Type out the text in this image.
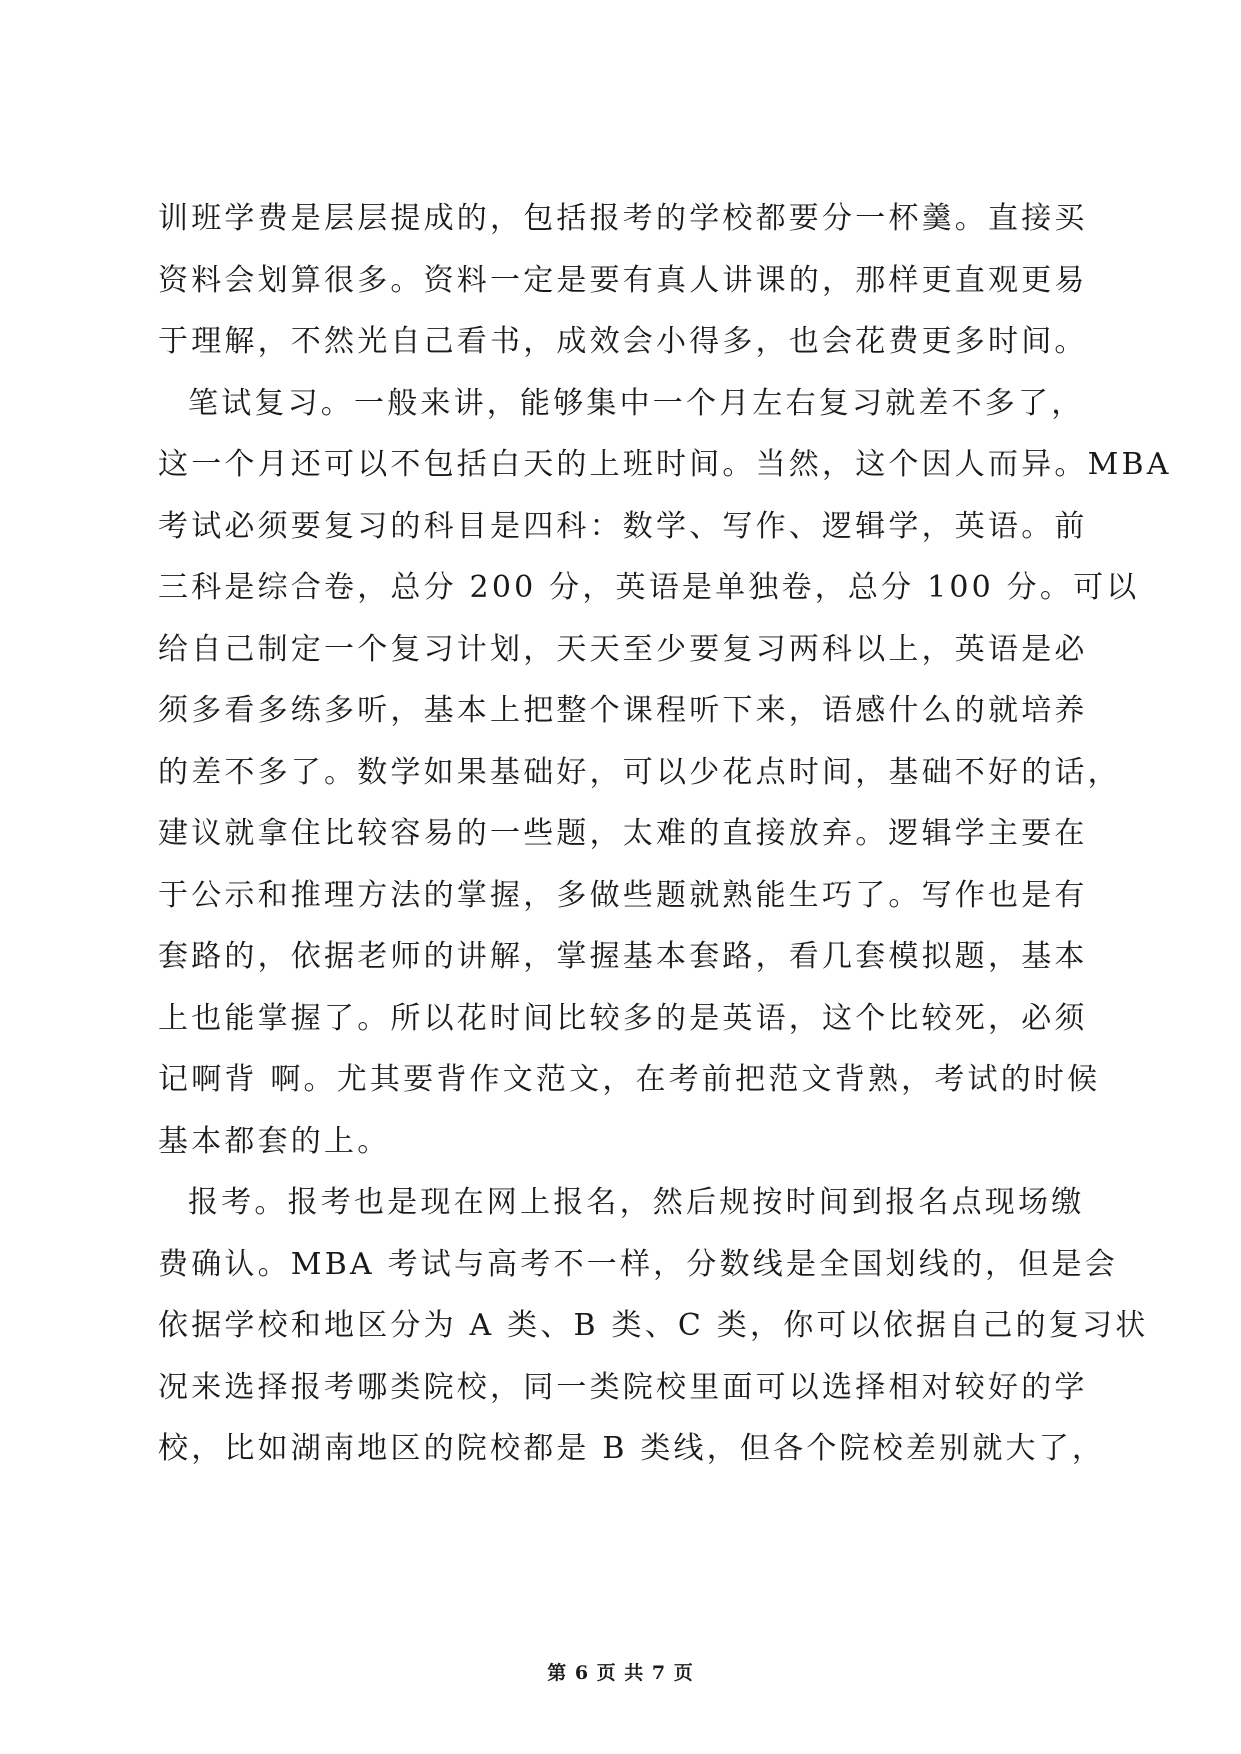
训班学费是层层提成的，包括报考的学校都要分一杯羹。直接买
资料会划算很多。资料一定是要有真人讲课的，那样更直观更易
于理解，不然光自己看书，成效会小得多，也会花费更多时间。
笔试复习。一般来讲，能够集中一个月左右复习就差不多了，
这一个月还可以不包括白天的上班时间。当然，这个因人而异。MBA
考试必须要复习的科目是四科：数学、写作、逻辑学，英语。前
三科是综合卷，总分 200 分，英语是单独卷，总分 100 分。可以
给自己制定一个复习计划，天天至少要复习两科以上，英语是必
须多看多练多听，基本上把整个课程听下来，语感什么的就培养
的差不多了。数学如果基础好，可以少花点时间，基础不好的话，
建议就拿住比较容易的一些题，太难的直接放弃。逻辑学主要在
于公示和推理方法的掌握，多做些题就熟能生巧了。写作也是有
套路的，依据老师的讲解，掌握基本套路，看几套模拟题，基本
上也能掌握了。所以花时间比较多的是英语，这个比较死，必须
记啊背 啊。尤其要背作文范文，在考前把范文背熟，考试的时候
基本都套的上。
报考。报考也是现在网上报名，然后规按时间到报名点现场缴
费确认。MBA 考试与高考不一样，分数线是全国划线的，但是会
依据学校和地区分为 A 类、B 类、C 类，你可以依据自己的复习状
况来选择报考哪类院校，同一类院校里面可以选择相对较好的学
校，比如湖南地区的院校都是 B 类线，但各个院校差别就大了，
第 6 页 共 7 页
